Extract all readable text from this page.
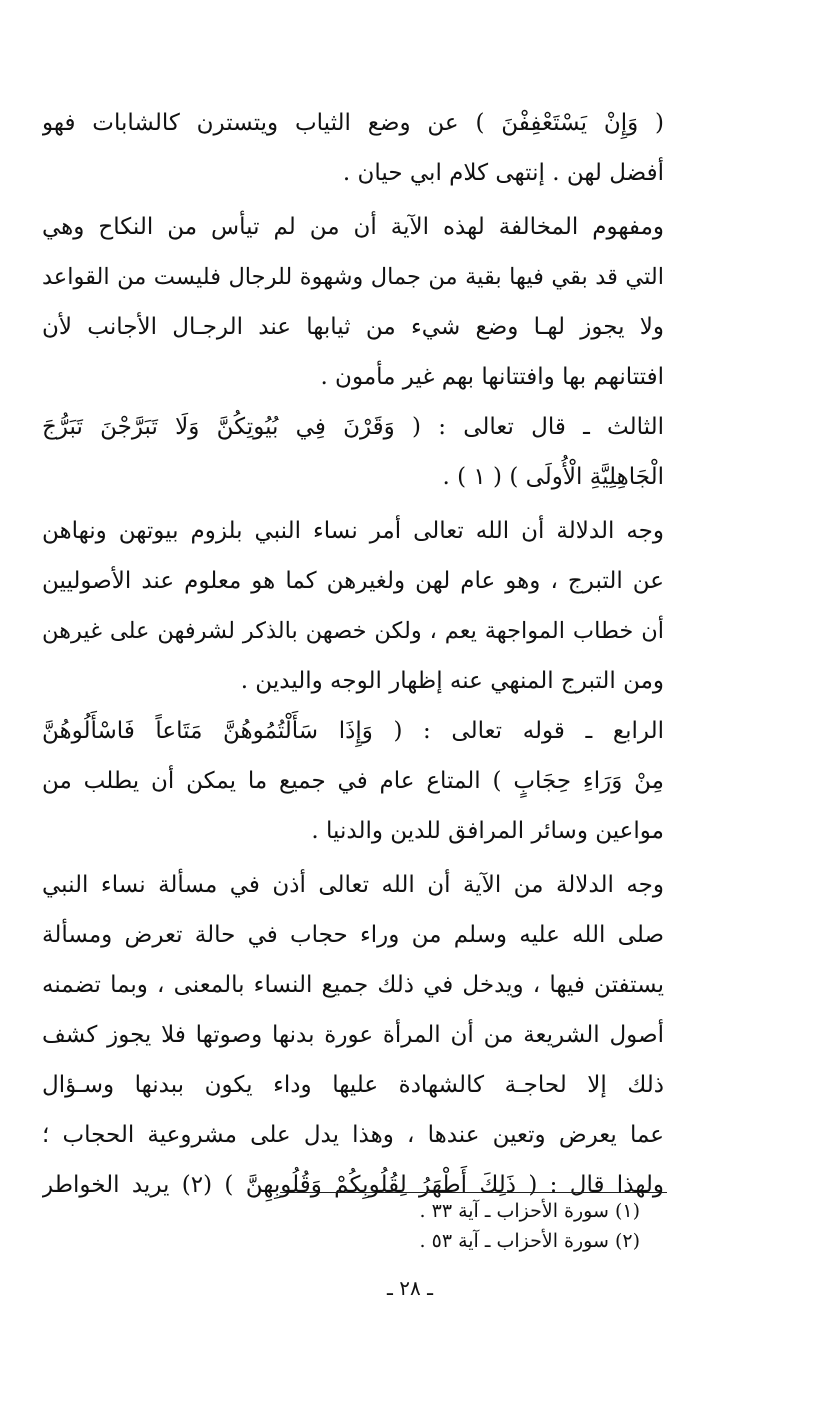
( وَإِنْ يَسْتَعْفِفْنَ ) عن وضع الثياب ويتسترن كالشابات فهو
أفضل لهن . إنتهى كلام ابي حيان .
ومفهوم المخالفة لهذه الآية أن من لم تيأس من النكاح وهي
التي قد بقي فيها بقية من جمال وشهوة للرجال فليست من القواعد
ولا يجوز لهـا وضع شيء من ثيابها عند الرجـال الأجانب لأن
افتتانهم بها وافتتانها بهم غير مأمون .
الثالث ـ قال تعالى : ( وَقَرْنَ فِي بُيُوتِكُنَّ وَلَا تَبَرَّجْنَ تَبَرُّجَ
الْجَاهِلِيَّةِ الْأُولَى ) ( ١ ) .
وجه الدلالة أن الله تعالى أمر نساء النبي بلزوم بيوتهن ونهاهن
عن التبرج ، وهو عام لهن ولغيرهن كما هو معلوم عند الأصوليين
أن خطاب المواجهة يعم ، ولكن خصهن بالذكر لشرفهن على غيرهن
ومن التبرج المنهي عنه إظهار الوجه واليدين .
الرابع ـ قوله تعالى : ( وَإِذَا سَأَلْتُمُوهُنَّ مَتَاعاً فَاسْأَلُوهُنَّ
مِنْ وَرَاءِ حِجَابٍ ) المتاع عام في جميع ما يمكن أن يطلب من
مواعين وسائر المرافق للدين والدنيا .
وجه الدلالة من الآية أن الله تعالى أذن في مسألة نساء النبي
صلى الله عليه وسلم من وراء حجاب في حالة تعرض ومسألة
يستفتن فيها ، ويدخل في ذلك جميع النساء بالمعنى ، وبما تضمنه
أصول الشريعة من أن المرأة عورة بدنها وصوتها فلا يجوز كشف
ذلك إلا لحاجـة كالشهادة عليها وداء يكون ببدنها وسـؤال
عما يعرض وتعين عندها ، وهذا يدل على مشروعية الحجاب ؛
ولهذا قال : ( ذَلِكَ أَطْهَرُ لِقُلُوبِكُمْ وَقُلُوبِهِنَّ ) (٢) يريد الخواطر
(١) سورة الأحزاب ـ آية ٣٣ .
(٢) سورة الأحزاب ـ آية ٥٣ .
ـ ٢٨ ـ
